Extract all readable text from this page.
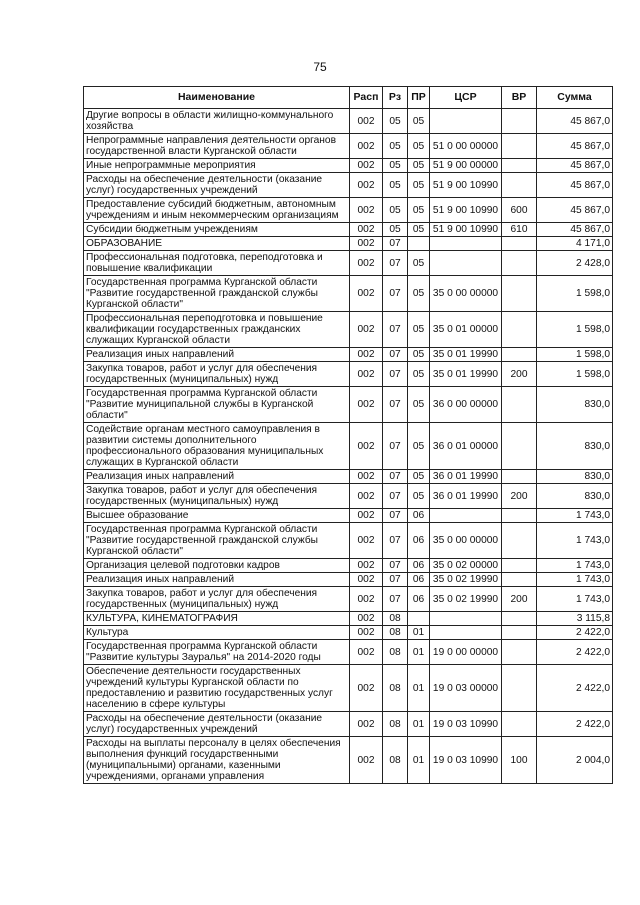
75
Наименование	Расп	Рз	ПР	ЦСР	ВР	Сумма
Другие вопросы в области жилищно-коммунального хозяйства	002	05	05			45 867,0
Непрограммные направления деятельности органов государственной власти Курганской области	002	05	05	51 0 00 00000		45 867,0
Иные непрограммные мероприятия	002	05	05	51 9 00 00000		45 867,0
Расходы на обеспечение деятельности (оказание услуг) государственных учреждений	002	05	05	51 9 00 10990		45 867,0
Предоставление субсидий бюджетным, автономным учреждениям и иным некоммерческим организациям	002	05	05	51 9 00 10990	600	45 867,0
Субсидии бюджетным учреждениям	002	05	05	51 9 00 10990	610	45 867,0
ОБРАЗОВАНИЕ	002	07				4 171,0
Профессиональная подготовка, переподготовка и повышение квалификации	002	07	05			2 428,0
Государственная программа Курганской области "Развитие государственной гражданской службы Курганской области"	002	07	05	35 0 00 00000		1 598,0
Профессиональная переподготовка и повышение квалификации государственных гражданских служащих Курганской области	002	07	05	35 0 01 00000		1 598,0
Реализация иных направлений	002	07	05	35 0 01 19990		1 598,0
Закупка товаров, работ и услуг для обеспечения государственных (муниципальных) нужд	002	07	05	35 0 01 19990	200	1 598,0
Государственная программа Курганской области "Развитие муниципальной службы в Курганской области"	002	07	05	36 0 00 00000		830,0
Содействие органам местного самоуправления в развитии системы дополнительного профессионального образования муниципальных служащих в Курганской области	002	07	05	36 0 01 00000		830,0
Реализация иных направлений	002	07	05	36 0 01 19990		830,0
Закупка товаров, работ и услуг для обеспечения государственных (муниципальных) нужд	002	07	05	36 0 01 19990	200	830,0
Высшее образование	002	07	06			1 743,0
Государственная программа Курганской области "Развитие государственной гражданской службы Курганской области"	002	07	06	35 0 00 00000		1 743,0
Организация целевой подготовки кадров	002	07	06	35 0 02 00000		1 743,0
Реализация иных направлений	002	07	06	35 0 02 19990		1 743,0
Закупка товаров, работ и услуг для обеспечения государственных (муниципальных) нужд	002	07	06	35 0 02 19990	200	1 743,0
КУЛЬТУРА, КИНЕМАТОГРАФИЯ	002	08				3 115,8
Культура	002	08	01			2 422,0
Государственная программа Курганской области "Развитие культуры Зауралья" на 2014-2020 годы	002	08	01	19 0 00 00000		2 422,0
Обеспечение деятельности государственных учреждений культуры Курганской области по предоставлению и развитию государственных услуг населению в сфере культуры	002	08	01	19 0 03 00000		2 422,0
Расходы на обеспечение деятельности (оказание услуг) государственных учреждений	002	08	01	19 0 03 10990		2 422,0
Расходы на выплаты персоналу в целях обеспечения выполнения функций государственными (муниципальными) органами, казенными учреждениями, органами управления	002	08	01	19 0 03 10990	100	2 004,0
